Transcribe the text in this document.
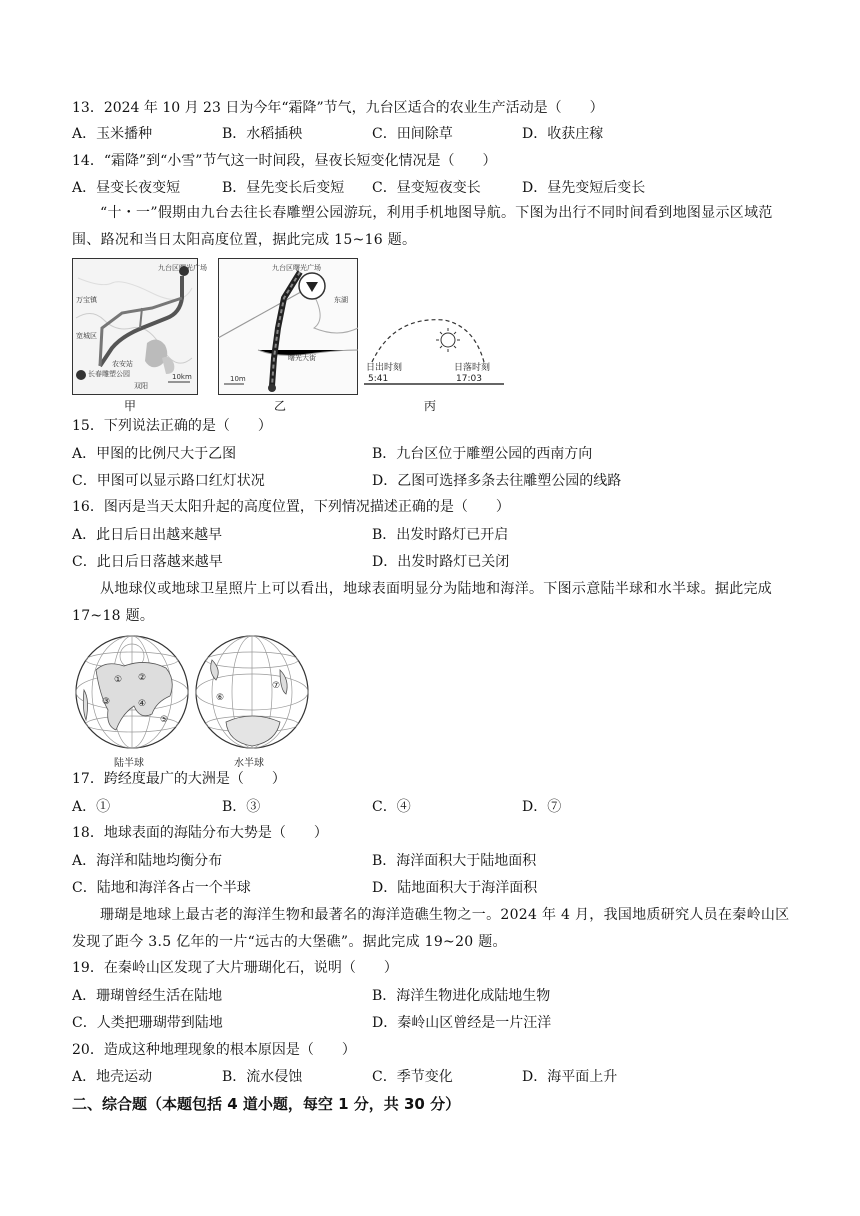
13．2024 年 10 月 23 日为今年“霜降”节气，九台区适合的农业生产活动是（　　）
A．玉米播种	B．水稻插秧	C．田间除草	D．收获庄稼
14．“霜降”到“小雪”节气这一时间段，昼夜长短变化情况是（　　）
A．昼变长夜变短	B．昼先变长后变短 C．昼变短夜变长	D．昼先变短后变长
“十・一”假期由九台去往长春雕塑公园游玩，利用手机地图导航。下图为出行不同时间看到地图显示区域范围、路况和当日太阳高度位置，据此完成 15~16 题。
九台区曙光广场
万宝镇
宽城区
长春雕塑公园
农安站
双阳
10km
九台区曙光广场
曙光大街
东湖
10m
日出时刻
5:41
日落时刻
17:03
甲	乙	丙
15．下列说法正确的是（　　）
A．甲图的比例尺大于乙图	B．九台区位于雕塑公园的西南方向
C．甲图可以显示路口红灯状况	D．乙图可选择多条去往雕塑公园的线路
16．图丙是当天太阳升起的高度位置，下列情况描述正确的是（　　）
A．此日后日出越来越早	B．出发时路灯已开启
C．此日后日落越来越早	D．出发时路灯已关闭
从地球仪或地球卫星照片上可以看出，地球表面明显分为陆地和海洋。下图示意陆半球和水半球。据此完成 17~18 题。
① ②
③	④
⑤
⑥
⑦
陆半球	水半球
17．跨经度最广的大洲是（　　）
A．①	B．③	C．④	D．⑦
18．地球表面的海陆分布大势是（　　）
A．海洋和陆地均衡分布	B．海洋面积大于陆地面积
C．陆地和海洋各占一个半球	D．陆地面积大于海洋面积
珊瑚是地球上最古老的海洋生物和最著名的海洋造礁生物之一。2024 年 4 月，我国地质研究人员在秦岭山区发现了距今 3.5 亿年的一片“远古的大堡礁”。据此完成 19~20 题。
19．在秦岭山区发现了大片珊瑚化石，说明（　　）
A．珊瑚曾经生活在陆地	B．海洋生物进化成陆地生物
C．人类把珊瑚带到陆地	D．秦岭山区曾经是一片汪洋
20．造成这种地理现象的根本原因是（　　）
A．地壳运动	B．流水侵蚀	C．季节变化	D．海平面上升
二、综合题（本题包括 4 道小题，每空 1 分，共 30 分）
